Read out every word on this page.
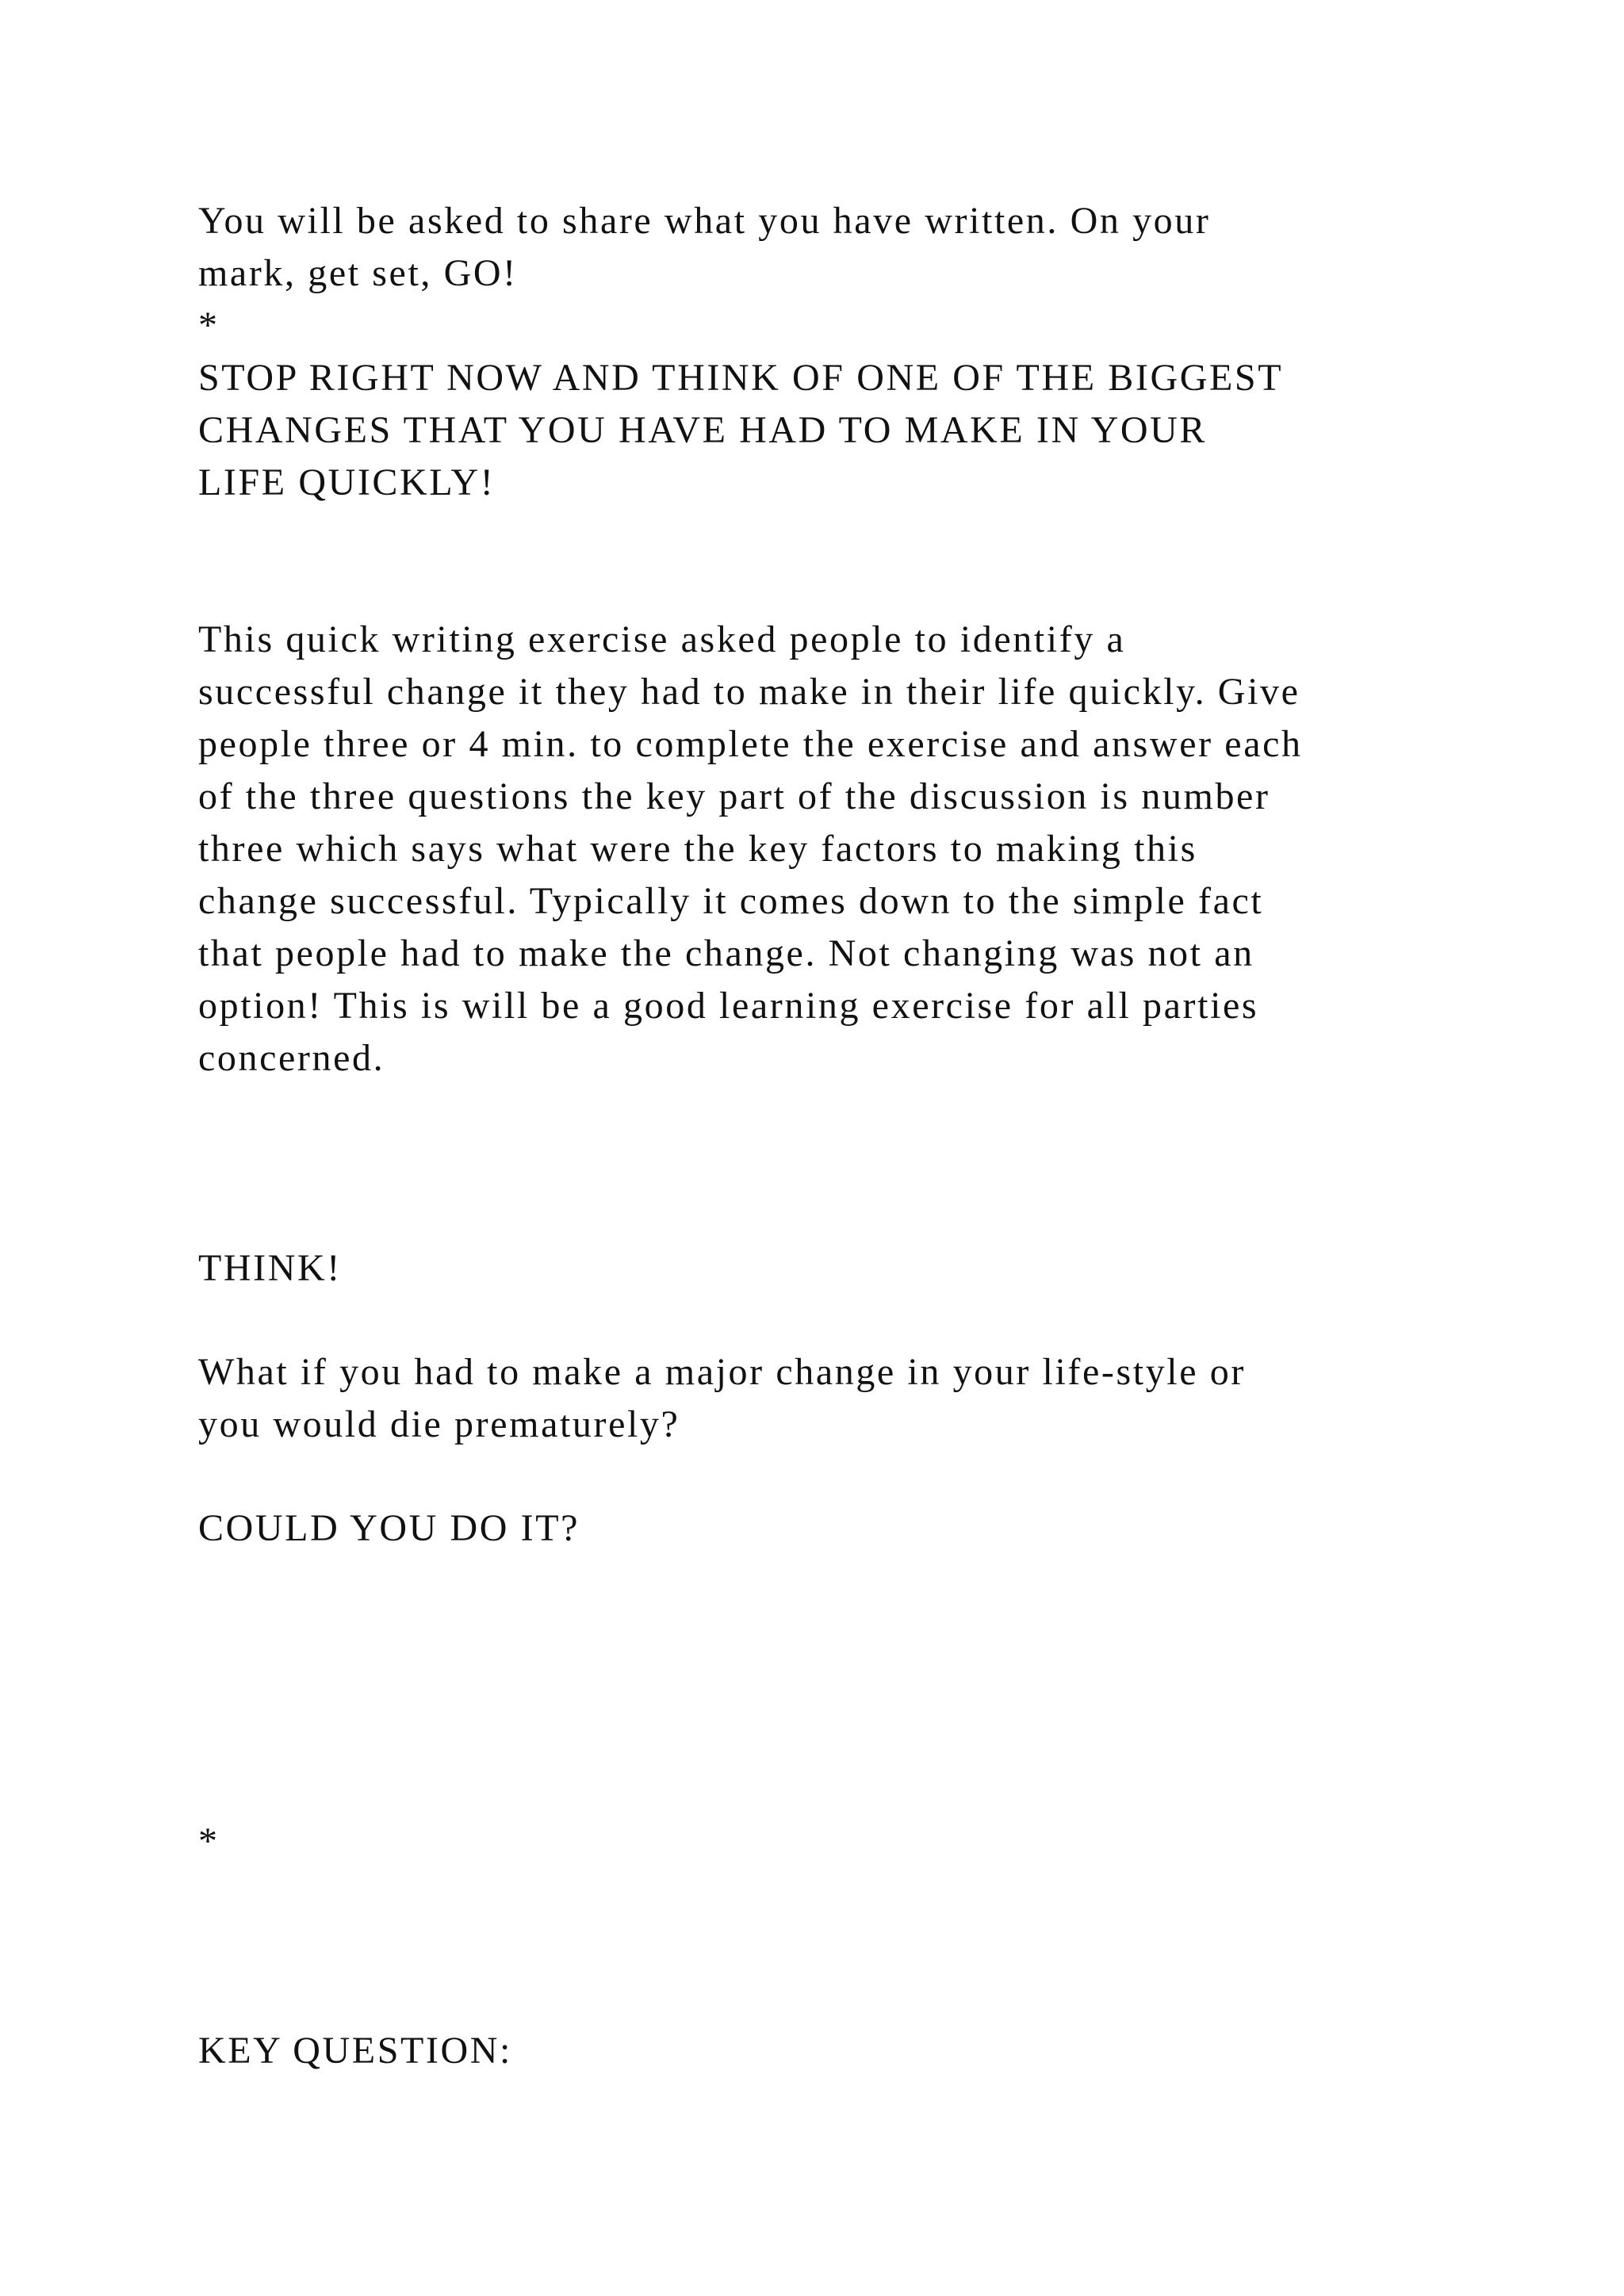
You will be asked to share what you have written. On your

mark, get set, GO!

*

STOP RIGHT NOW AND THINK OF ONE OF THE BIGGEST

CHANGES THAT YOU HAVE HAD TO MAKE IN YOUR

LIFE QUICKLY!

This quick writing exercise asked people to identify a

successful change it they had to make in their life quickly. Give

people three or 4 min. to complete the exercise and answer each

of the three questions the key part of the discussion is number

three which says what were the key factors to making this

change successful. Typically it comes down to the simple fact

that people had to make the change. Not changing was not an

option! This is will be a good learning exercise for all parties

concerned.

THINK!

What if you had to make a major change in your life-style or

you would die prematurely?

COULD YOU DO IT?

*

KEY QUESTION:
